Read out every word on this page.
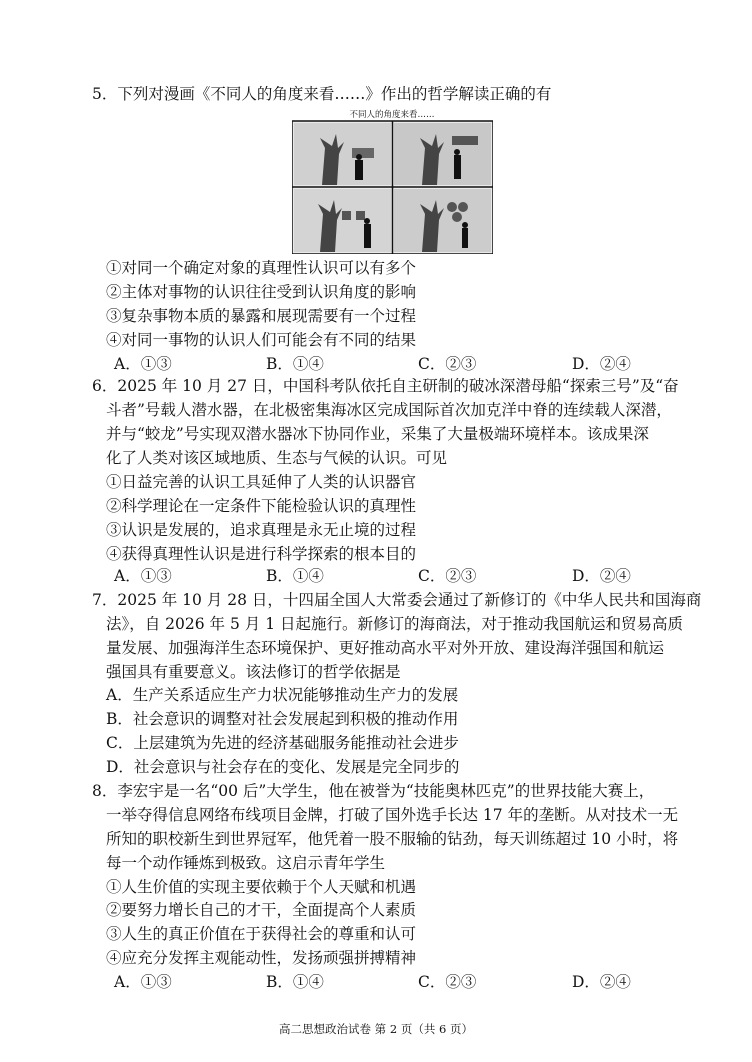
5．下列对漫画《不同人的角度来看……》作出的哲学解读正确的有
不同人的角度来看……
①对同一个确定对象的真理性认识可以有多个
②主体对事物的认识往往受到认识角度的影响
③复杂事物本质的暴露和展现需要有一个过程
④对同一事物的认识人们可能会有不同的结果
A．①③	B．①④	C．②③	D．②④
6．2025 年 10 月 27 日，中国科考队依托自主研制的破冰深潜母船“探索三号”及“奋
斗者”号载人潜水器，在北极密集海冰区完成国际首次加克洋中脊的连续载人深潜，
并与“蛟龙”号实现双潜水器冰下协同作业，采集了大量极端环境样本。该成果深
化了人类对该区域地质、生态与气候的认识。可见
①日益完善的认识工具延伸了人类的认识器官
②科学理论在一定条件下能检验认识的真理性
③认识是发展的，追求真理是永无止境的过程
④获得真理性认识是进行科学探索的根本目的
A．①③	B．①④	C．②③	D．②④
7．2025 年 10 月 28 日，十四届全国人大常委会通过了新修订的《中华人民共和国海商
法》，自 2026 年 5 月 1 日起施行。新修订的海商法，对于推动我国航运和贸易高质
量发展、加强海洋生态环境保护、更好推动高水平对外开放、建设海洋强国和航运
强国具有重要意义。该法修订的哲学依据是
A．生产关系适应生产力状况能够推动生产力的发展
B．社会意识的调整对社会发展起到积极的推动作用
C．上层建筑为先进的经济基础服务能推动社会进步
D．社会意识与社会存在的变化、发展是完全同步的
8．李宏宇是一名“00 后”大学生，他在被誉为“技能奥林匹克”的世界技能大赛上，
一举夺得信息网络布线项目金牌，打破了国外选手长达 17 年的垄断。从对技术一无
所知的职校新生到世界冠军，他凭着一股不服输的钻劲，每天训练超过 10 小时，将
每一个动作锤炼到极致。这启示青年学生
①人生价值的实现主要依赖于个人天赋和机遇
②要努力增长自己的才干，全面提高个人素质
③人生的真正价值在于获得社会的尊重和认可
④应充分发挥主观能动性，发扬顽强拼搏精神
A．①③	B．①④	C．②③	D．②④
高二思想政治试卷 第 2 页（共 6 页）
